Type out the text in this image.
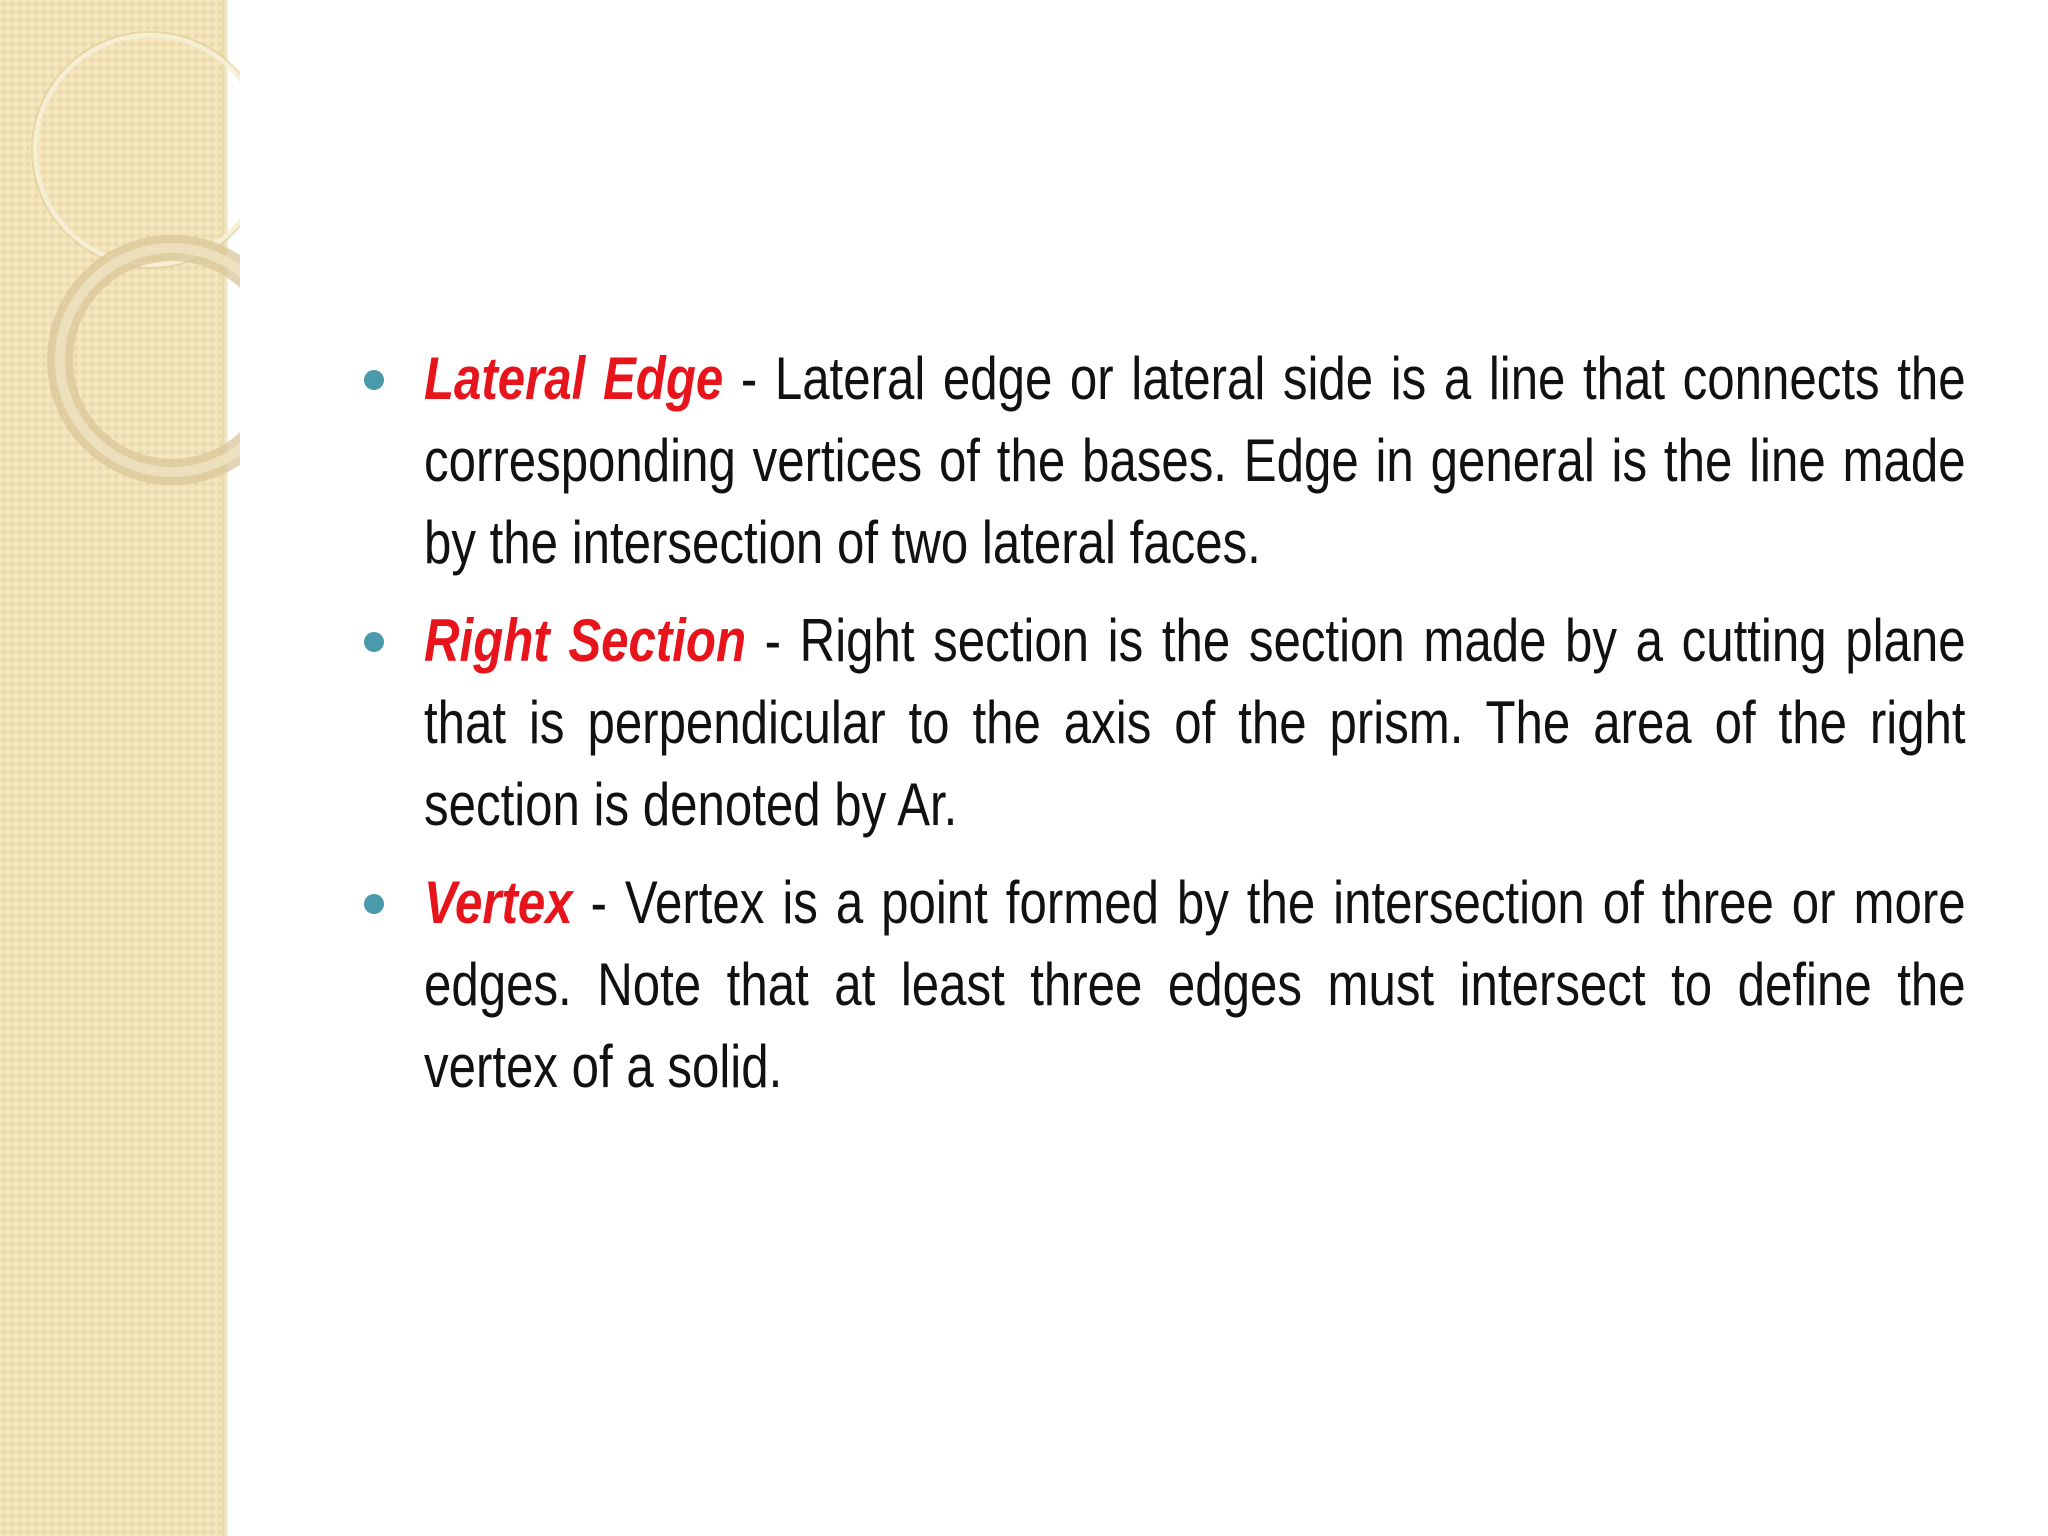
Lateral Edge - Lateral edge or lateral side is a line that connects the corresponding vertices of the bases. Edge in general is the line made by the intersection of two lateral faces.
Right Section - Right section is the section made by a cutting plane that is perpendicular to the axis of the prism. The area of the right section is denoted by Ar.
Vertex - Vertex is a point formed by the intersection of three or more edges. Note that at least three edges must intersect to define the vertex of a solid.
